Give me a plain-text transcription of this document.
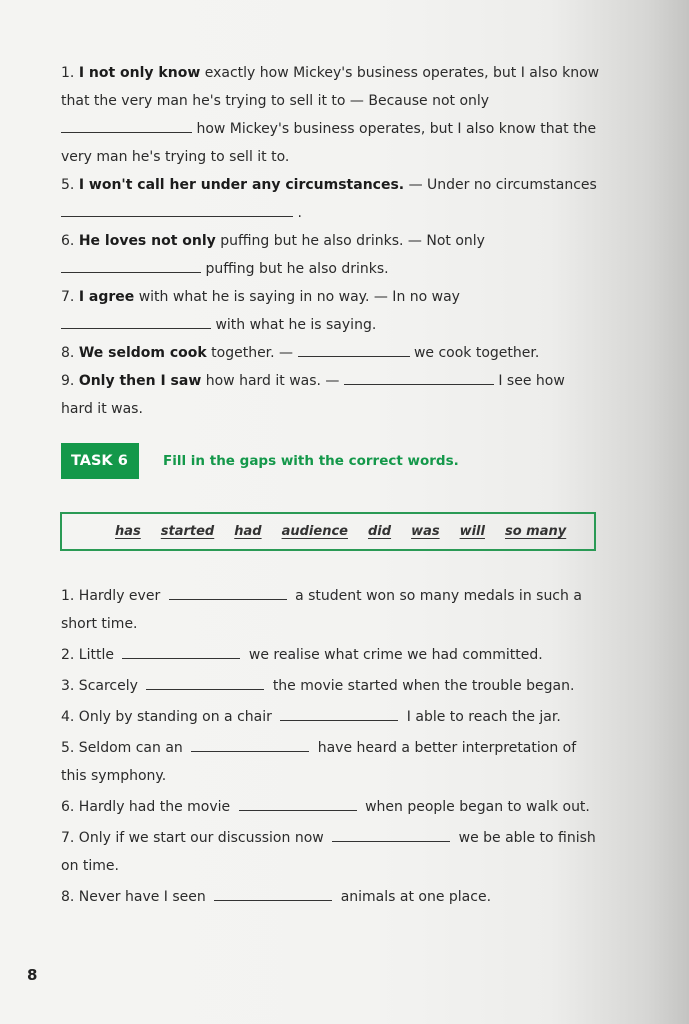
1. I not only know exactly how Mickey's business operates, but I also know that the very man he's trying to sell it to — Because not only
how Mickey's business operates, but I also know that the very man he's trying to sell it to.

5. I won't call her under any circumstances. — Under no circumstances
.

6. He loves not only puffing but he also drinks. — Not only
puffing but he also drinks.

7. I agree with what he is saying in no way. — In no way
with what he is saying.

8. We seldom cook together. —	we cook together.

9. Only then I saw how hard it was. —	I see how hard it was.

TASK 6	Fill in the gaps with the correct words.
has started had audience did was will so many

1. Hardly ever	a student won so many medals in such a short time.

2. Little	we realise what crime we had committed.

3. Scarcely	the movie started when the trouble began.

4. Only by standing on a chair	I able to reach the jar.

5. Seldom can an	have heard a better interpretation of this symphony.

6. Hardly had the movie	when people began to walk out.

7. Only if we start our discussion now	we be able to finish on time.

8. Never have I seen	animals at one place.

8
